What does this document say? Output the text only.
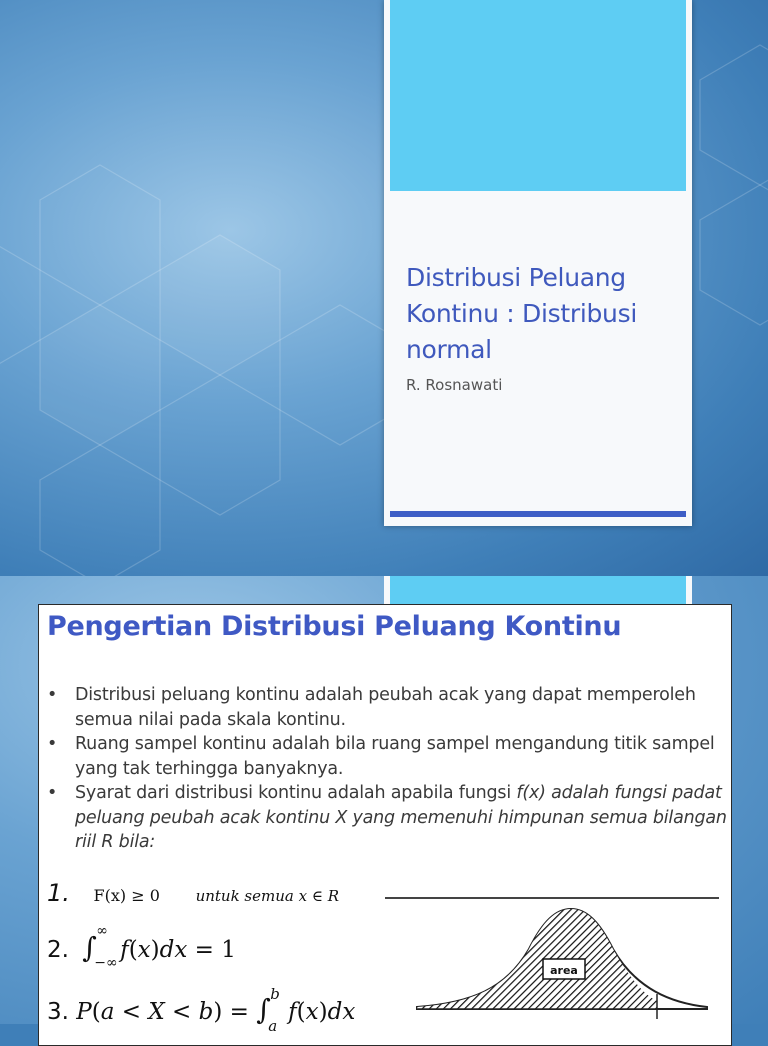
Distribusi Peluang Kontinu : Distribusi normal
R. Rosnawati
Pengertian Distribusi Peluang Kontinu
• Distribusi peluang kontinu adalah peubah acak yang dapat memperoleh semua nilai pada skala kontinu.
• Ruang sampel kontinu adalah bila ruang sampel mengandung titik sampel yang tak terhingga banyaknya.
• Syarat dari distribusi kontinu adalah apabila fungsi f(x) adalah fungsi padat peluang peubah acak kontinu X yang memenuhi himpunan semua bilangan riil R bila:
1. F(x) ≥ 0 untuk semua x ∈ R
2. ∫ ∞
−∞ f(x)dx = 1
3. P(a < X < b) = ∫ b
a
f(x)dx
area
